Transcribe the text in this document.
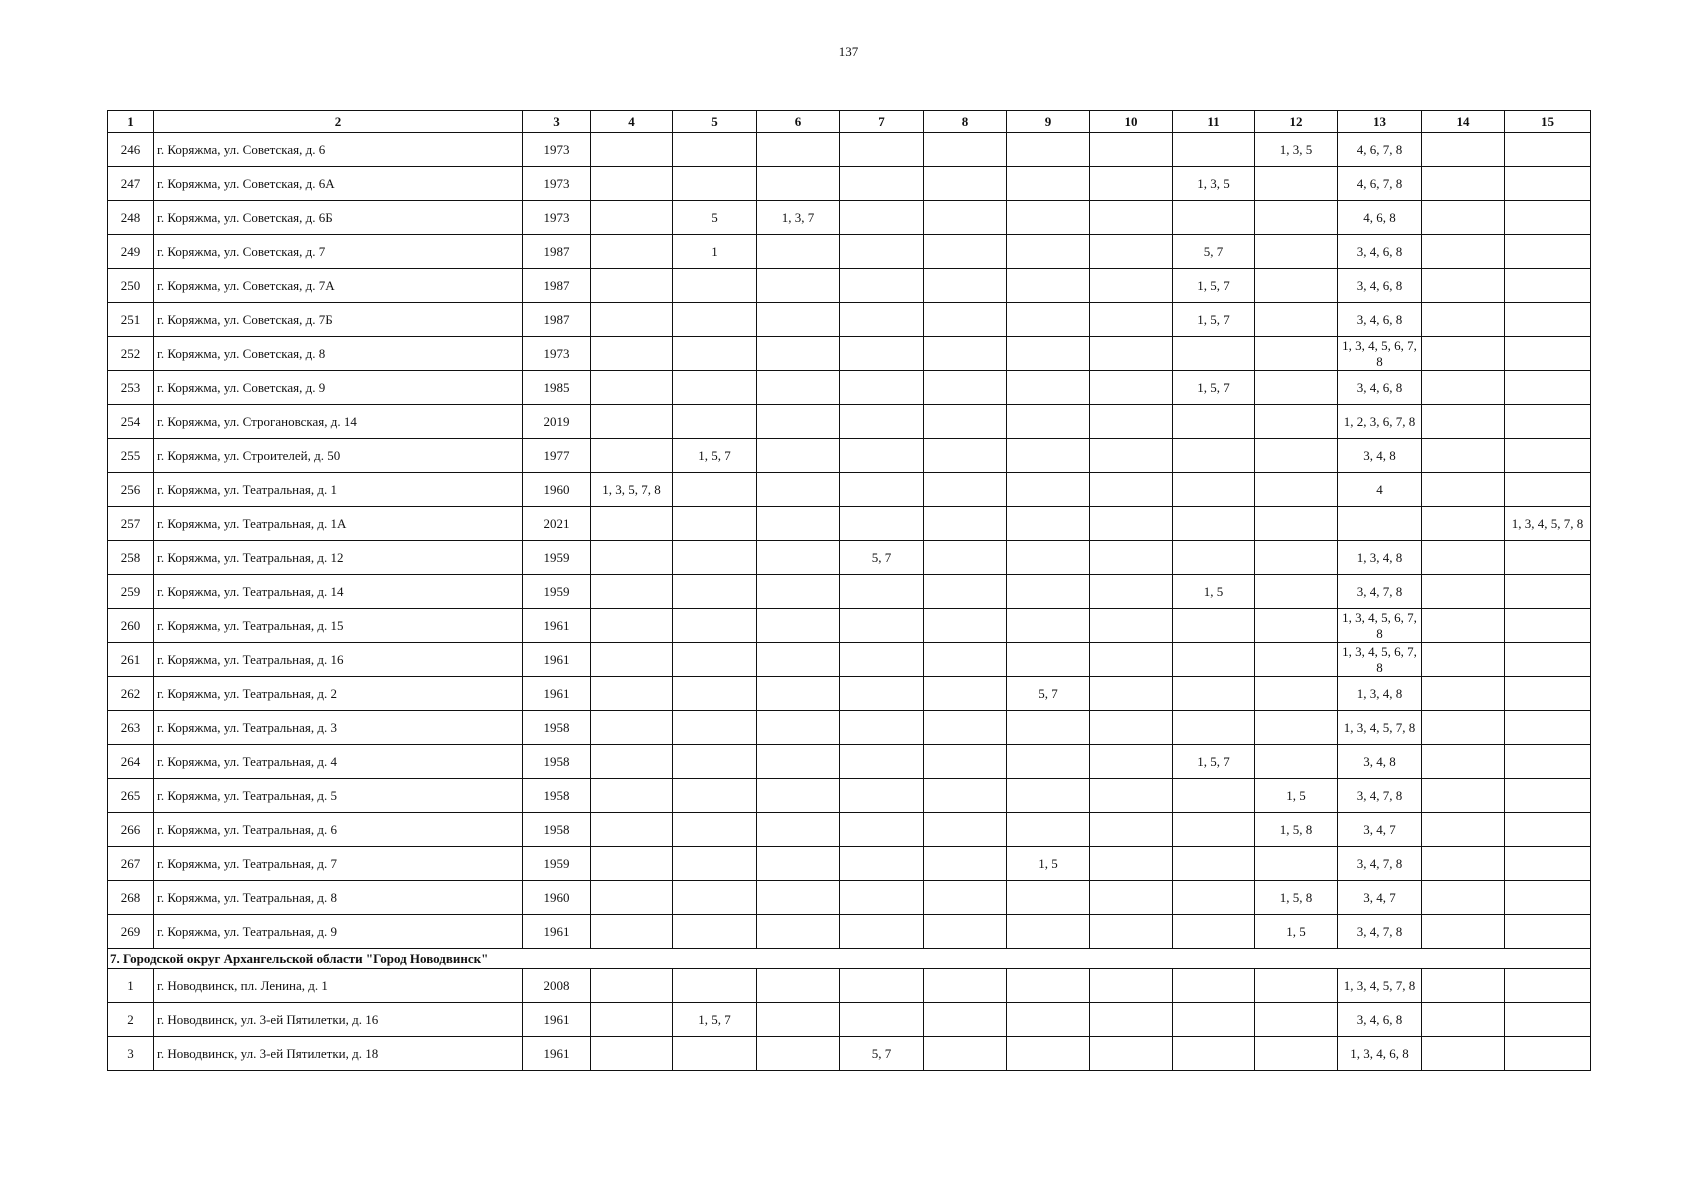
137
1	2	3	4	5	6	7	8	9	10	11	12	13	14	15
246	г. Коряжма, ул. Советская, д. 6	1973									1, 3, 5	4, 6, 7, 8		
247	г. Коряжма, ул. Советская, д. 6А	1973								1, 3, 5		4, 6, 7, 8		
248	г. Коряжма, ул. Советская, д. 6Б	1973		5	1, 3, 7							4, 6, 8		
249	г. Коряжма, ул. Советская, д. 7	1987		1						5, 7		3, 4, 6, 8		
250	г. Коряжма, ул. Советская, д. 7А	1987								1, 5, 7		3, 4, 6, 8		
251	г. Коряжма, ул. Советская, д. 7Б	1987								1, 5, 7		3, 4, 6, 8		
252	г. Коряжма, ул. Советская, д. 8	1973										1, 3, 4, 5, 6, 7, 8		
253	г. Коряжма, ул. Советская, д. 9	1985								1, 5, 7		3, 4, 6, 8		
254	г. Коряжма, ул. Строгановская, д. 14	2019										1, 2, 3, 6, 7, 8		
255	г. Коряжма, ул. Строителей, д. 50	1977		1, 5, 7								3, 4, 8		
256	г. Коряжма, ул. Театральная, д. 1	1960	1, 3, 5, 7, 8									4		
257	г. Коряжма, ул. Театральная, д. 1А	2021												1, 3, 4, 5, 7, 8
258	г. Коряжма, ул. Театральная, д. 12	1959				5, 7						1, 3, 4, 8		
259	г. Коряжма, ул. Театральная, д. 14	1959								1, 5		3, 4, 7, 8		
260	г. Коряжма, ул. Театральная, д. 15	1961										1, 3, 4, 5, 6, 7, 8		
261	г. Коряжма, ул. Театральная, д. 16	1961										1, 3, 4, 5, 6, 7, 8		
262	г. Коряжма, ул. Театральная, д. 2	1961						5, 7				1, 3, 4, 8		
263	г. Коряжма, ул. Театральная, д. 3	1958										1, 3, 4, 5, 7, 8		
264	г. Коряжма, ул. Театральная, д. 4	1958								1, 5, 7		3, 4, 8		
265	г. Коряжма, ул. Театральная, д. 5	1958									1, 5	3, 4, 7, 8		
266	г. Коряжма, ул. Театральная, д. 6	1958									1, 5, 8	3, 4, 7		
267	г. Коряжма, ул. Театральная, д. 7	1959						1, 5				3, 4, 7, 8		
268	г. Коряжма, ул. Театральная, д. 8	1960									1, 5, 8	3, 4, 7		
269	г. Коряжма, ул. Театральная, д. 9	1961									1, 5	3, 4, 7, 8		
7. Городской округ Архангельской области "Город Новодвинск"														
1	г. Новодвинск, пл. Ленина, д. 1	2008										1, 3, 4, 5, 7, 8		
2	г. Новодвинск, ул. 3-ей Пятилетки, д. 16	1961		1, 5, 7								3, 4, 6, 8		
3	г. Новодвинск, ул. 3-ей Пятилетки, д. 18	1961				5, 7						1, 3, 4, 6, 8		
